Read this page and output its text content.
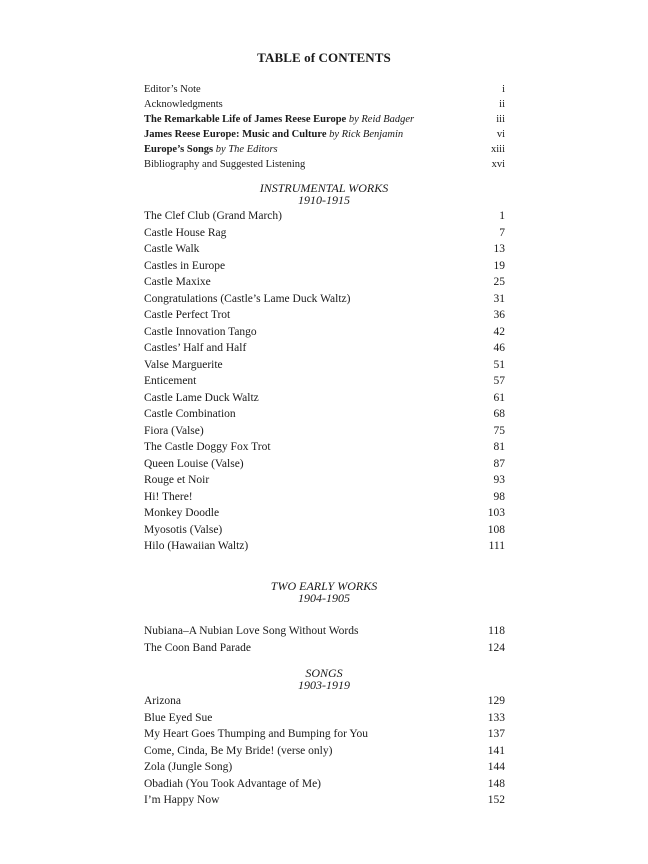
TABLE of CONTENTS
Editor’s Note	i
Acknowledgments	ii
The Remarkable Life of James Reese Europe by Reid Badger	iii
James Reese Europe: Music and Culture by Rick Benjamin	vi
Europe’s Songs by The Editors	xiii
Bibliography and Suggested Listening	xvi
INSTRUMENTAL WORKS
1910-1915
The Clef Club (Grand March)	1
Castle House Rag	7
Castle Walk	13
Castles in Europe	19
Castle Maxixe	25
Congratulations (Castle’s Lame Duck Waltz)	31
Castle Perfect Trot	36
Castle Innovation Tango	42
Castles’ Half and Half	46
Valse Marguerite	51
Enticement	57
Castle Lame Duck Waltz	61
Castle Combination	68
Fiora (Valse)	75
The Castle Doggy Fox Trot	81
Queen Louise (Valse)	87
Rouge et Noir	93
Hi! There!	98
Monkey Doodle	103
Myosotis (Valse)	108
Hilo (Hawaiian Waltz)	111
TWO EARLY WORKS
1904-1905
Nubiana–A Nubian Love Song Without Words	118
The Coon Band Parade	124
SONGS
1903-1919
Arizona	129
Blue Eyed Sue	133
My Heart Goes Thumping and Bumping for You	137
Come, Cinda, Be My Bride! (verse only)	141
Zola (Jungle Song)	144
Obadiah (You Took Advantage of Me)	148
I’m Happy Now	152
